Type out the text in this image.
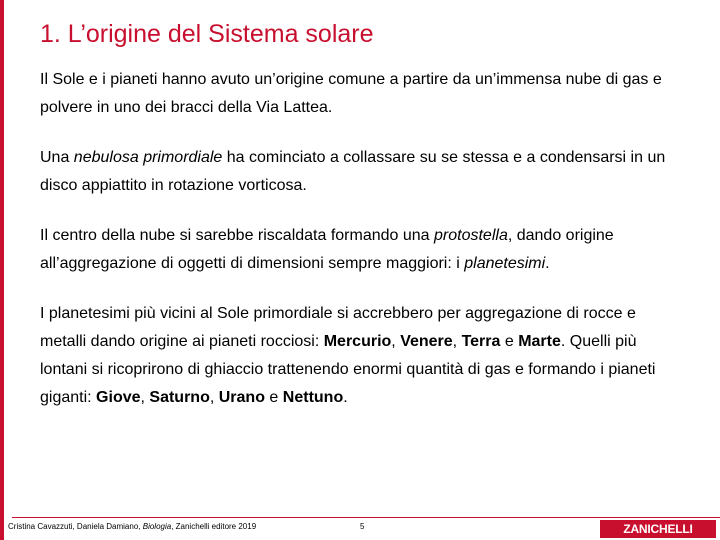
1. L’origine del Sistema solare

Il Sole e i pianeti hanno avuto un’origine comune a partire da un’immensa nube di gas e polvere in uno dei bracci della Via Lattea.

Una nebulosa primordiale ha cominciato a collassare su se stessa e a condensarsi in un disco appiattito in rotazione vorticosa.

Il centro della nube si sarebbe riscaldata formando una protostella, dando origine all’aggregazione di oggetti di dimensioni sempre maggiori: i planetesimi.

I planetesimi più vicini al Sole primordiale si accrebbero per aggregazione di rocce e metalli dando origine ai pianeti rocciosi: Mercurio, Venere, Terra e Marte. Quelli più lontani si ricoprirono di ghiaccio trattenendo enormi quantità di gas e formando i pianeti giganti: Giove, Saturno, Urano e Nettuno.

Cristina Cavazzuti, Daniela Damiano, Biologia, Zanichelli editore 2019	5	ZANICHELLI
